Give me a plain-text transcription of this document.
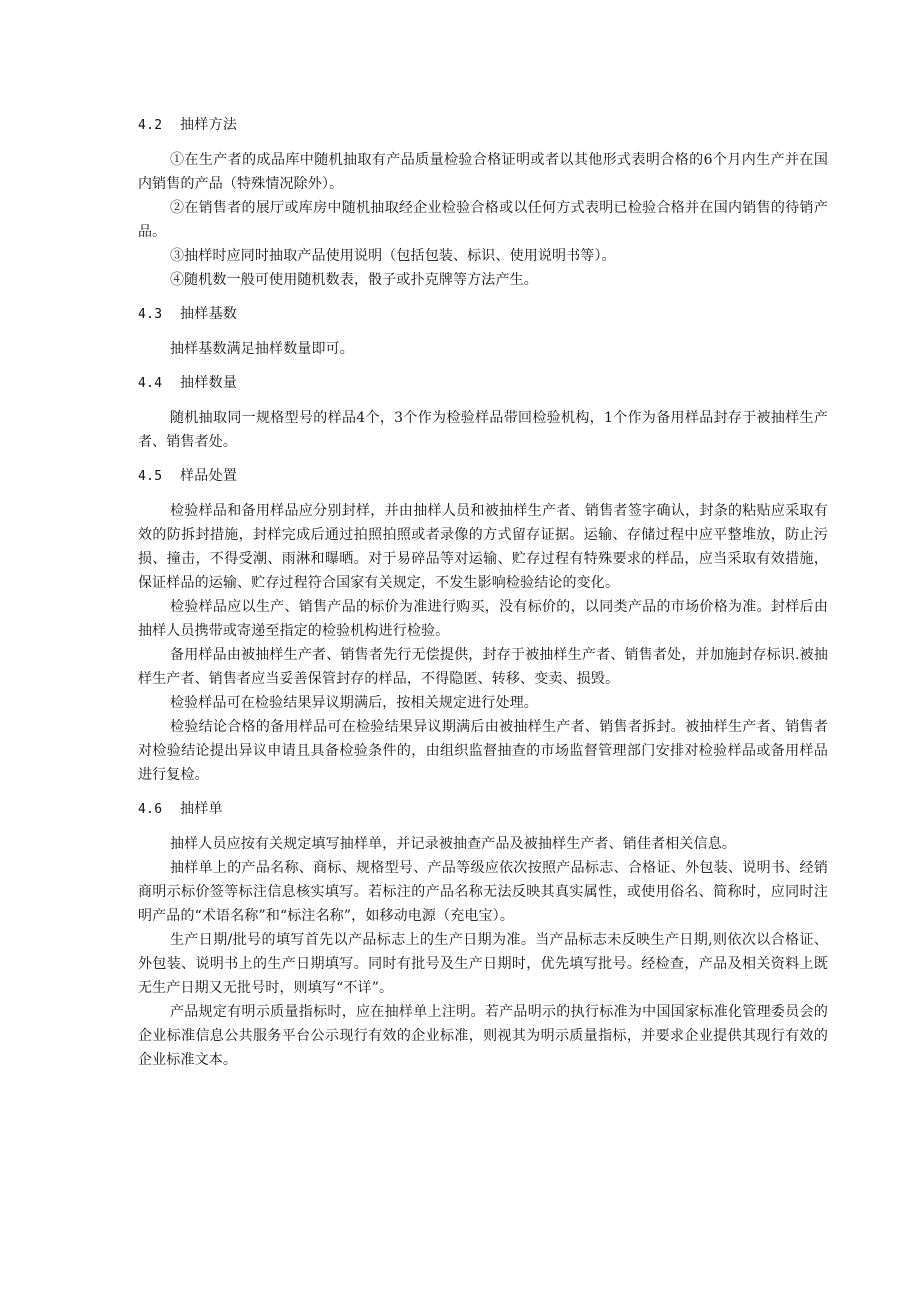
4.2 抽样方法

①在生产者的成品库中随机抽取有产品质量检验合格证明或者以其他形式表明合格的6个月内生产并在国内销售的产品（特殊情况除外）。

②在销售者的展厅或库房中随机抽取经企业检验合格或以任何方式表明已检验合格并在国内销售的待销产品。

③抽样时应同时抽取产品使用说明（包括包装、标识、使用说明书等）。

④随机数一般可使用随机数表，骰子或扑克牌等方法产生。

4.3 抽样基数

抽样基数满足抽样数量即可。

4.4 抽样数量

随机抽取同一规格型号的样品4个，3个作为检验样品带回检验机构，1个作为备用样品封存于被抽样生产者、销售者处。

4.5 样品处置

检验样品和备用样品应分别封样，并由抽样人员和被抽样生产者、销售者签字确认，封条的粘贴应采取有效的防拆封措施，封样完成后通过拍照拍照或者录像的方式留存证据。运输、存储过程中应平整堆放，防止污损、撞击，不得受潮、雨淋和曝晒。对于易碎品等对运输、贮存过程有特殊要求的样品，应当采取有效措施，保证样品的运输、贮存过程符合国家有关规定，不发生影响检验结论的变化。

检验样品应以生产、销售产品的标价为准进行购买，没有标价的，以同类产品的市场价格为准。封样后由抽样人员携带或寄递至指定的检验机构进行检验。

备用样品由被抽样生产者、销售者先行无偿提供，封存于被抽样生产者、销售者处，并加施封存标识.被抽样生产者、销售者应当妥善保管封存的样品，不得隐匿、转移、变卖、损毁。

检验样品可在检验结果异议期满后，按相关规定进行处理。

检验结论合格的备用样品可在检验结果异议期满后由被抽样生产者、销售者拆封。被抽样生产者、销售者对检验结论提出异议申请且具备检验条件的，由组织监督抽查的市场监督管理部门安排对检验样品或备用样品进行复检。

4.6 抽样单

抽样人员应按有关规定填写抽样单，并记录被抽查产品及被抽样生产者、销佳者相关信息。

抽样单上的产品名称、商标、规格型号、产品等级应依次按照产品标志、合格证、外包装、说明书、经销商明示标价签等标注信息核实填写。若标注的产品名称无法反映其真实属性，或使用俗名、简称时，应同时注明产品的“术语名称”和“标注名称”，如移动电源（充电宝）。

生产日期/批号的填写首先以产品标志上的生产日期为准。当产品标志未反映生产日期,则依次以合格证、外包装、说明书上的生产日期填写。同时有批号及生产日期时，优先填写批号。经检查，产品及相关资料上既无生产日期又无批号时，则填写“不详”。

产品规定有明示质量指标时，应在抽样单上注明。若产品明示的执行标准为中国国家标准化管理委员会的企业标准信息公共服务平台公示现行有效的企业标准，则视其为明示质量指标，并要求企业提供其现行有效的企业标准文本。
